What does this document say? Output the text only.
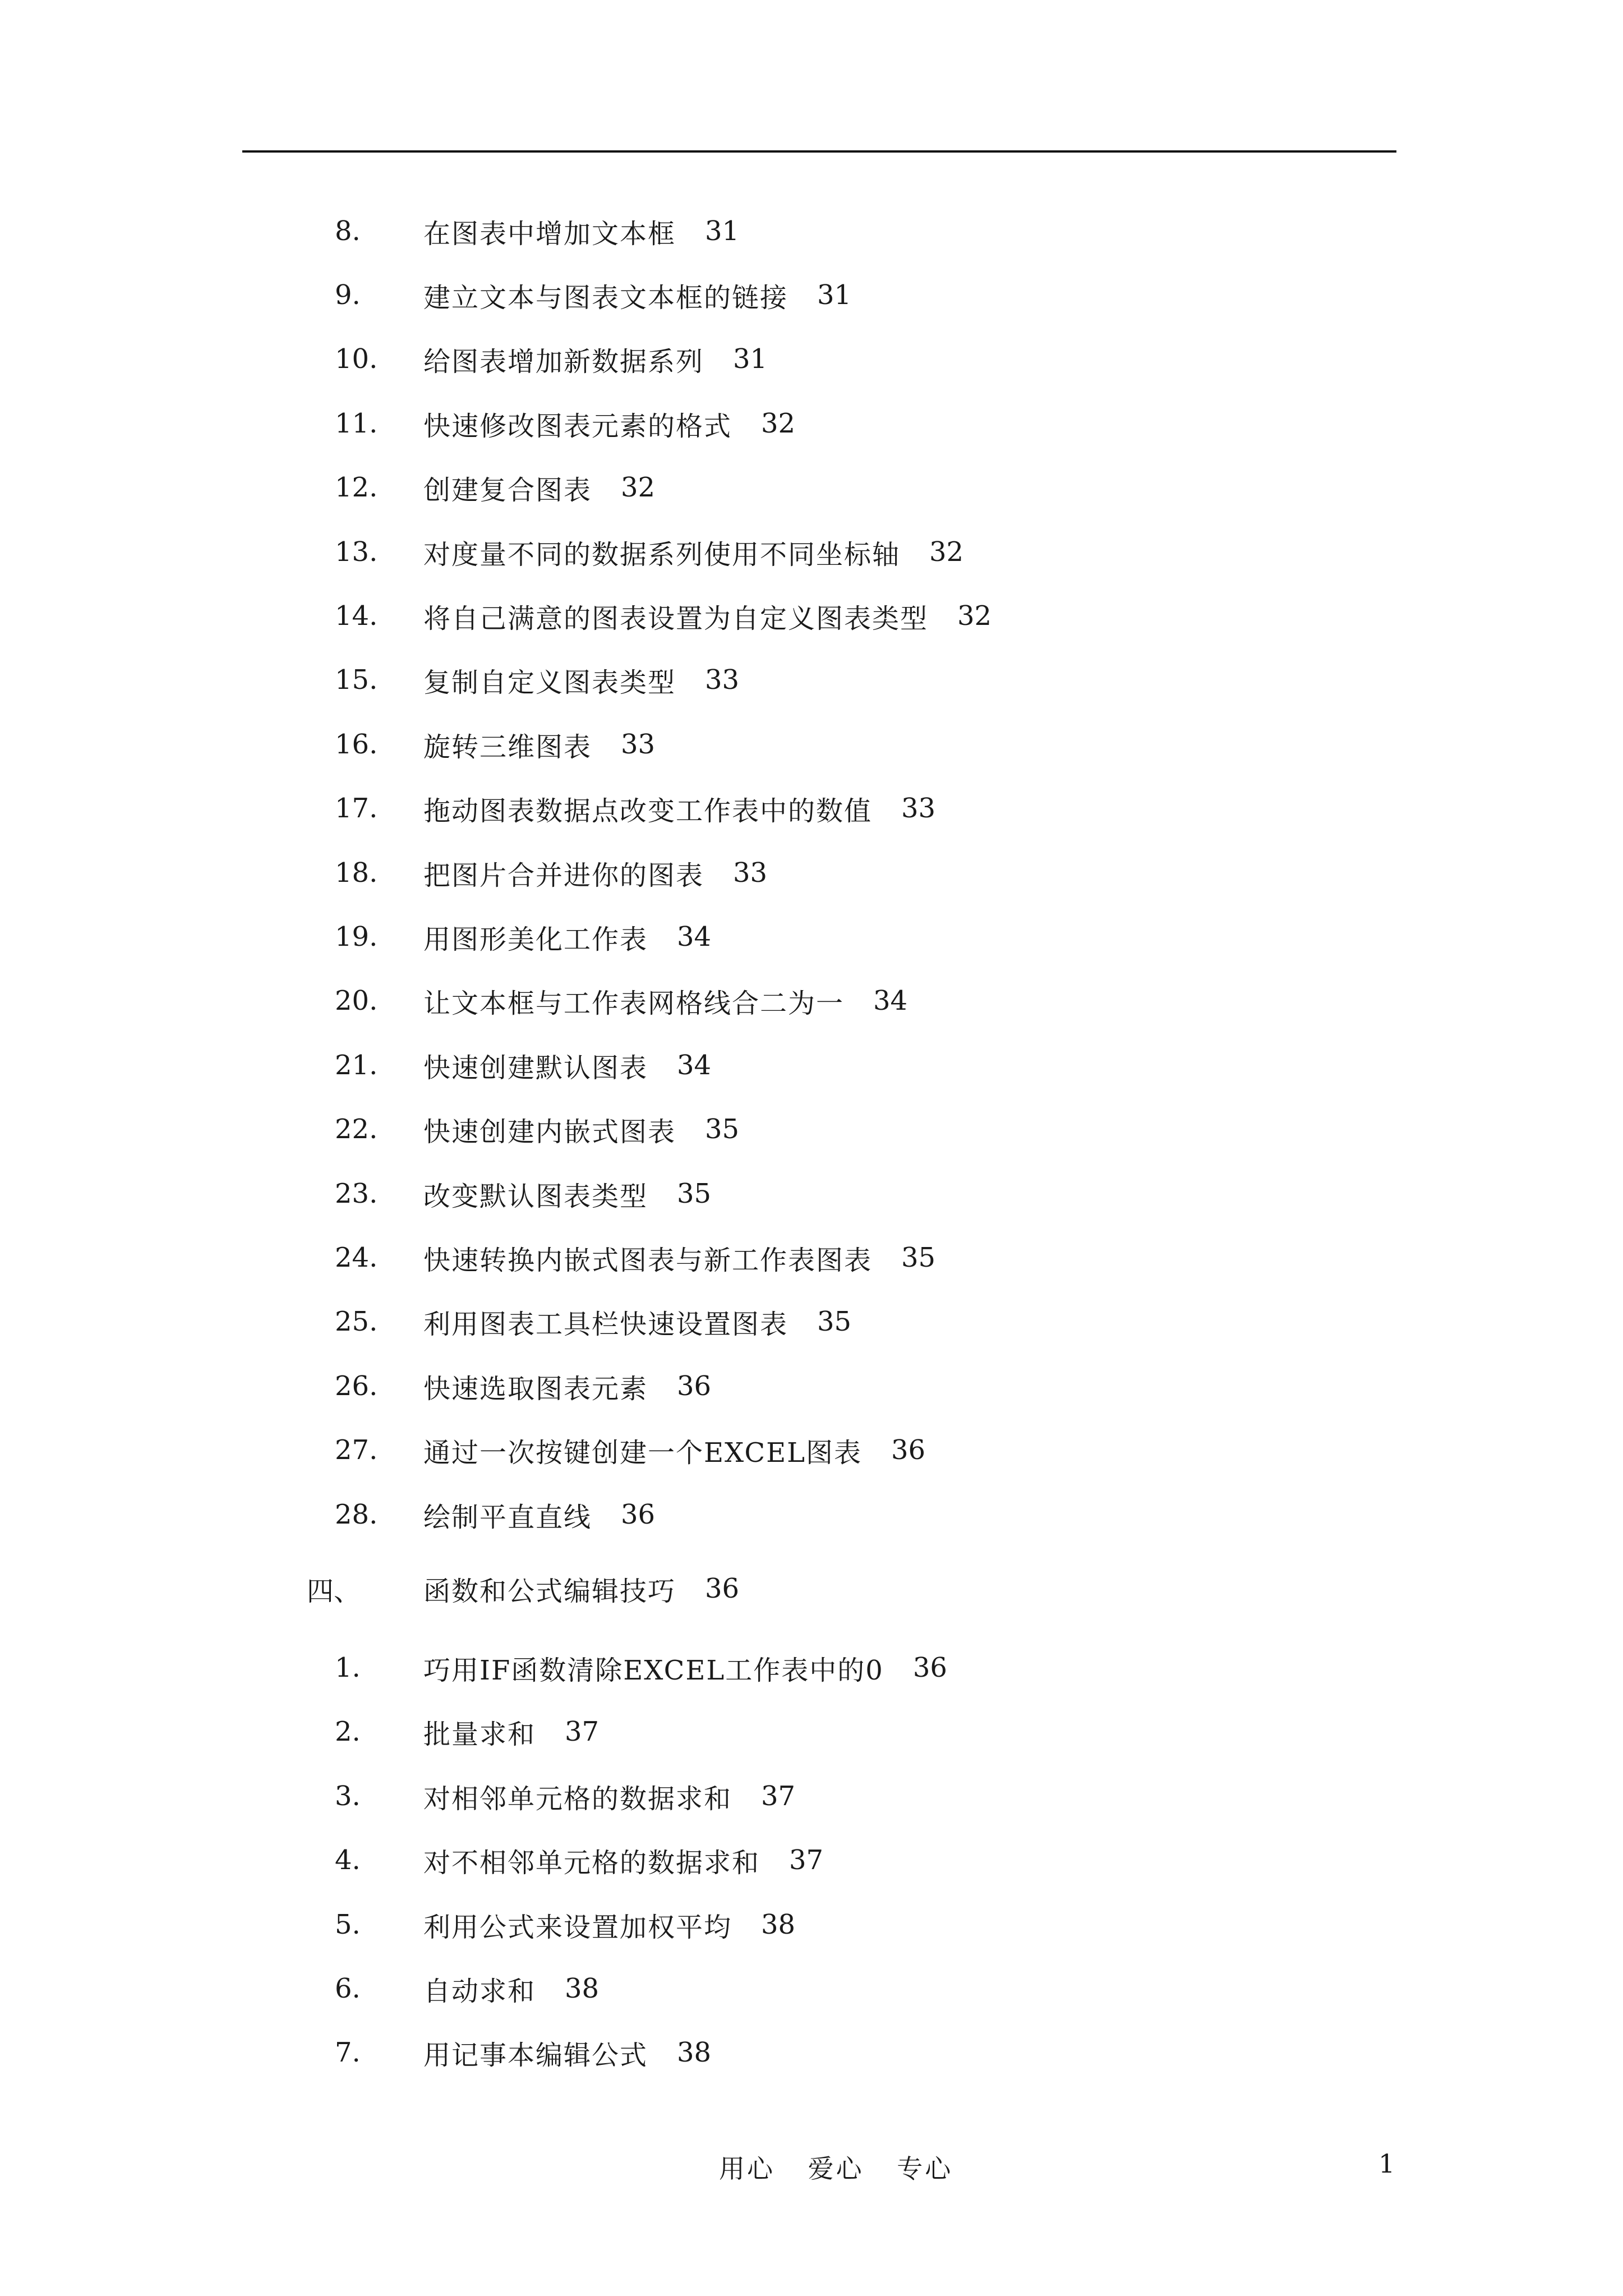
8.	在图表中增加文本框 31
9.	建立文本与图表文本框的链接 31
10.	给图表增加新数据系列 31
11.	快速修改图表元素的格式 32
12.	创建复合图表 32
13.	对度量不同的数据系列使用不同坐标轴 32
14.	将自己满意的图表设置为自定义图表类型 32
15.	复制自定义图表类型 33
16.	旋转三维图表 33
17.	拖动图表数据点改变工作表中的数值 33
18.	把图片合并进你的图表 33
19.	用图形美化工作表 34
20.	让文本框与工作表网格线合二为一 34
21.	快速创建默认图表 34
22.	快速创建内嵌式图表 35
23.	改变默认图表类型 35
24.	快速转换内嵌式图表与新工作表图表 35
25.	利用图表工具栏快速设置图表 35
26.	快速选取图表元素 36
27.	通过一次按键创建一个EXCEL图表 36
28.	绘制平直直线 36
四、	函数和公式编辑技巧 36
1.	巧用IF函数清除EXCEL工作表中的0 36
2.	批量求和 37
3.	对相邻单元格的数据求和 37
4.	对不相邻单元格的数据求和 37
5.	利用公式来设置加权平均 38
6.	自动求和 38
7.	用记事本编辑公式 38
用心 爱心 专心	1
